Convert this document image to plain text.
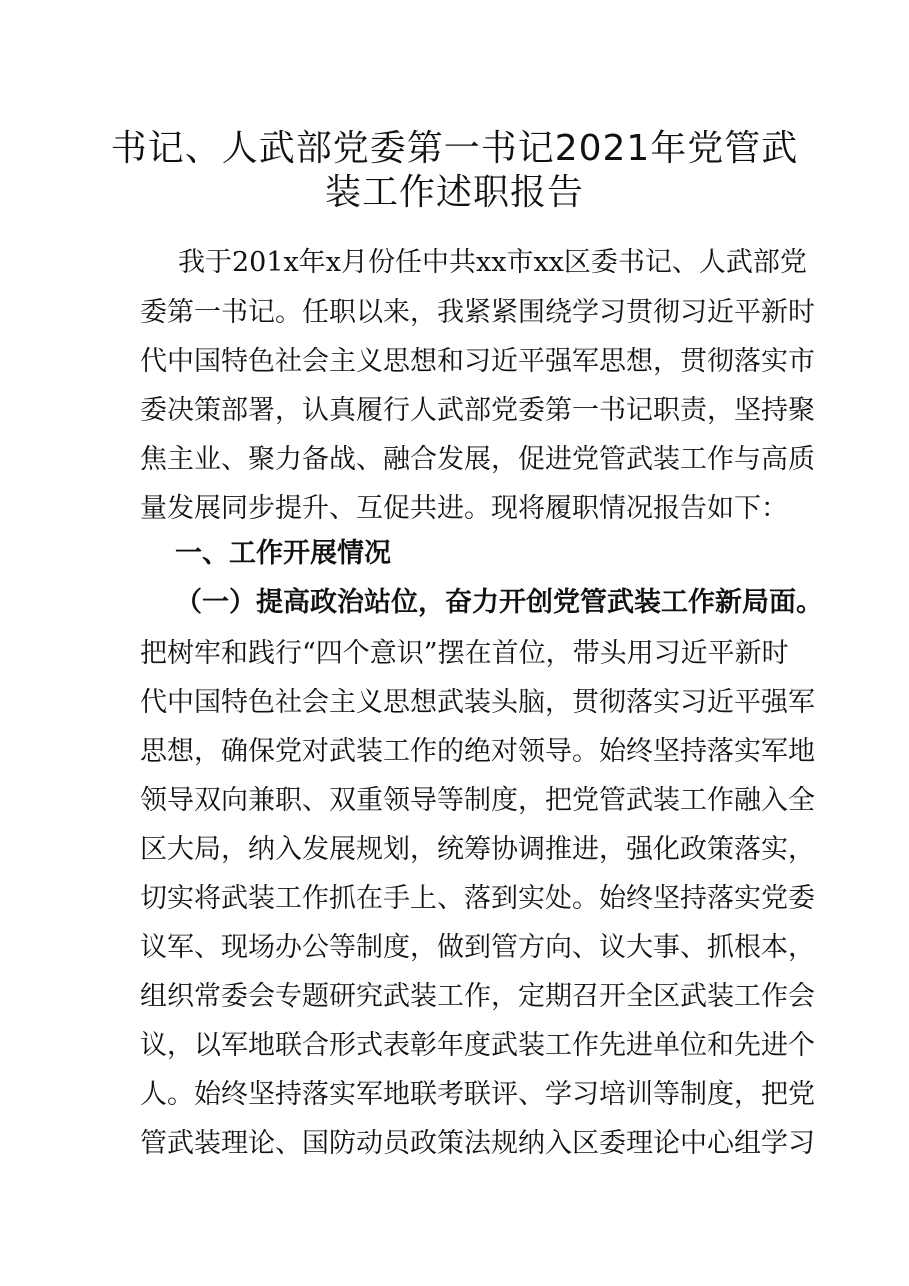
书记、人武部党委第一书记2021年党管武
装工作述职报告
我于201x年x月份任中共xx市xx区委书记、人武部党
委第一书记。任职以来，我紧紧围绕学习贯彻习近平新时
代中国特色社会主义思想和习近平强军思想，贯彻落实市
委决策部署，认真履行人武部党委第一书记职责，坚持聚
焦主业、聚力备战、融合发展，促进党管武装工作与高质
量发展同步提升、互促共进。现将履职情况报告如下：
一、工作开展情况
（一）提高政治站位，奋力开创党管武装工作新局面。
把树牢和践行“四个意识”摆在首位，带头用习近平新时
代中国特色社会主义思想武装头脑，贯彻落实习近平强军
思想，确保党对武装工作的绝对领导。始终坚持落实军地
领导双向兼职、双重领导等制度，把党管武装工作融入全
区大局，纳入发展规划，统筹协调推进，强化政策落实，
切实将武装工作抓在手上、落到实处。始终坚持落实党委
议军、现场办公等制度，做到管方向、议大事、抓根本，
组织常委会专题研究武装工作，定期召开全区武装工作会
议，以军地联合形式表彰年度武装工作先进单位和先进个
人。始终坚持落实军地联考联评、学习培训等制度，把党
管武装理论、国防动员政策法规纳入区委理论中心组学习
